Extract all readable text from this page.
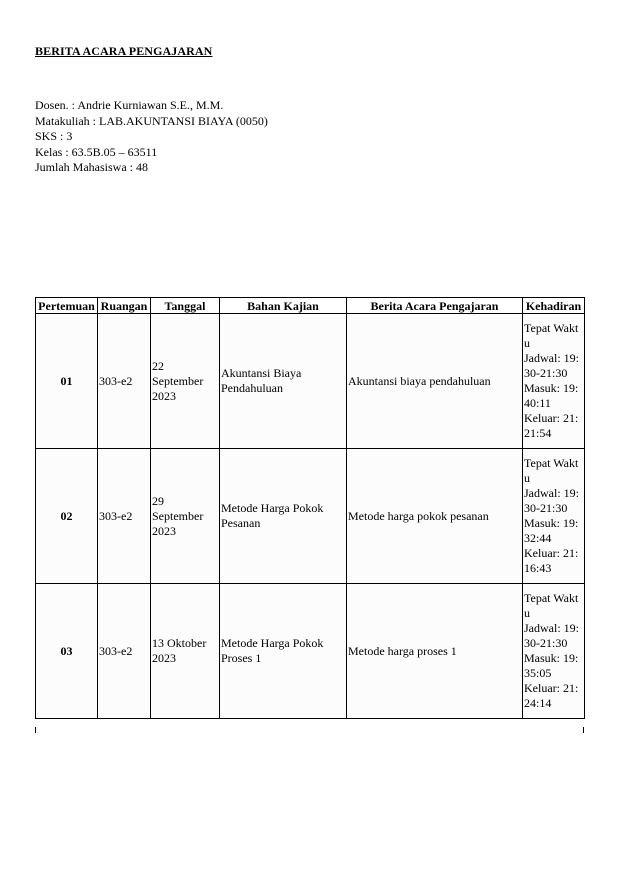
BERITA ACARA PENGAJARAN
Dosen. : Andrie Kurniawan S.E., M.M.
Matakuliah : LAB.AKUNTANSI BIAYA (0050)
SKS : 3
Kelas : 63.5B.05 – 63511
Jumlah Mahasiswa : 48
Pertemuan	Ruangan	Tanggal	Bahan Kajian	Berita Acara Pengajaran	Kehadiran
01	303-e2	22 September 2023	Akuntansi Biaya Pendahuluan	Akuntansi biaya pendahuluan	Tepat Waktu
Jadwal: 19:30-21:30
Masuk: 19:40:11
Keluar: 21:21:54

02	303-e2	29 September 2023	Metode Harga Pokok Pesanan	Metode harga pokok pesanan	Tepat Waktu
Jadwal: 19:30-21:30
Masuk: 19:32:44
Keluar: 21:16:43

03	303-e2	13 Oktober 2023	Metode Harga Pokok Proses 1	Metode harga proses 1	Tepat Waktu
Jadwal: 19:30-21:30
Masuk: 19:35:05
Keluar: 21:24:14
